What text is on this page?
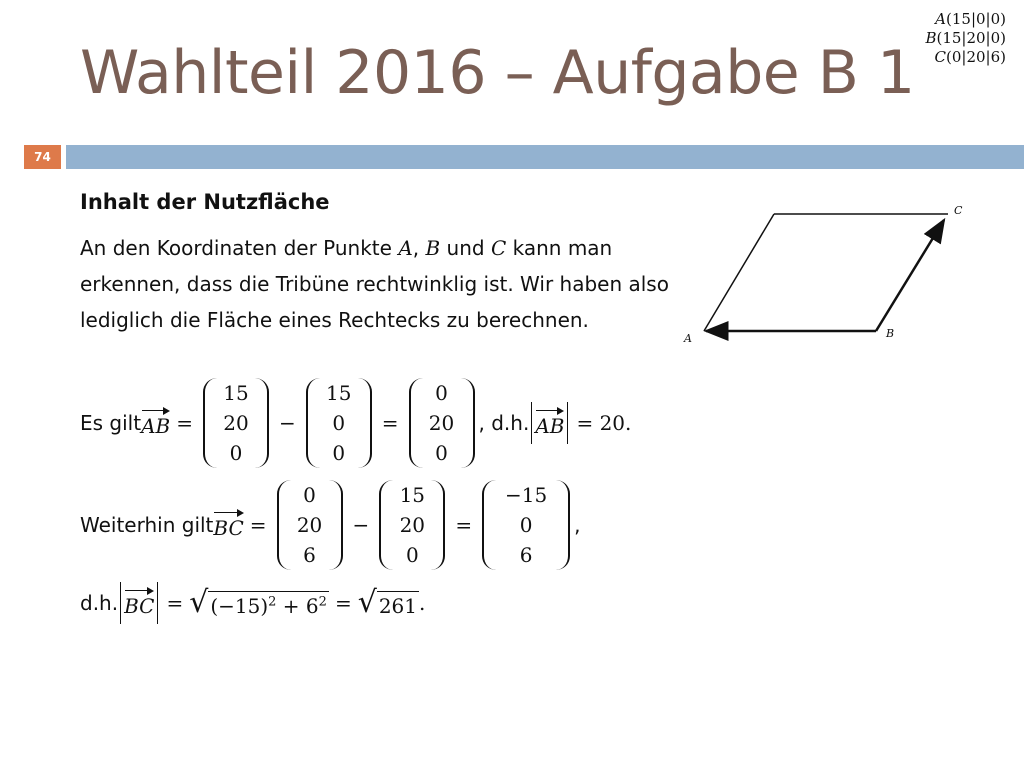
Wahlteil 2016 – Aufgabe B 1
A(15|0|0)
B(15|20|0)
C(0|20|6)
74
Inhalt der Nutzfläche

An den Koordinaten der Punkte A, B und C kann man erkennen, dass die Tribüne rechtwinklig ist. Wir haben also lediglich die Fläche eines Rechtecks zu berechnen.

Es gilt AB =
15
20
0
−
15
0
0
=
0
20
0
, d.h. AB = 20.
Weiterhin gilt BC =
0
20
6
−
15
20
0
=
−15
0
6
,
d.h. BC = √ $(-15)^2 + 6^2$ = √ 261 .
A	B
C
